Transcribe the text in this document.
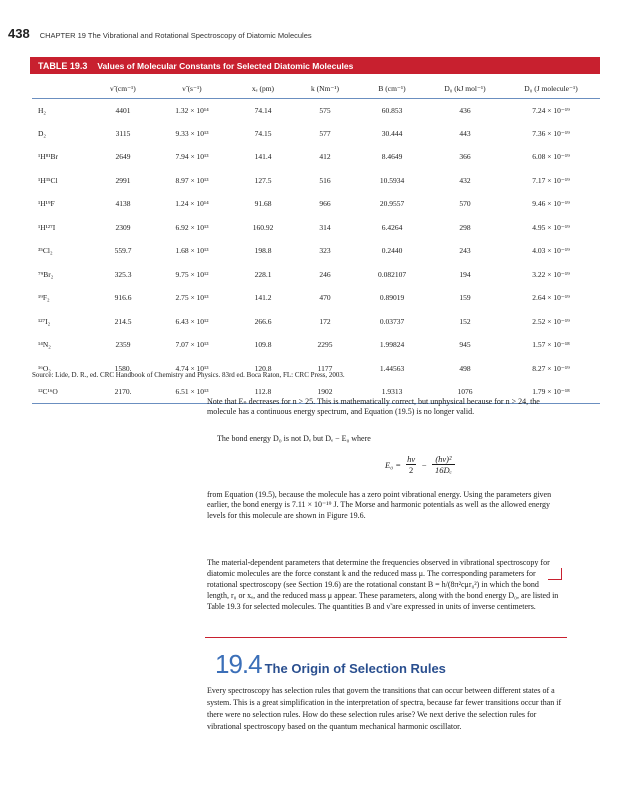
438 CHAPTER 19 The Vibrational and Rotational Spectroscopy of Diatomic Molecules
TABLE 19.3 Values of Molecular Constants for Selected Diatomic Molecules
	ν̃ (cm⁻¹)	ν̃ (s⁻¹)	xₑ (pm)	k (Nm⁻¹)	B (cm⁻¹)	D₀ (kJ mol⁻¹)	D₀ (J molecule⁻¹)
H₂	4401	1.32 × 10¹⁴	74.14	575	60.853	436	7.24 × 10⁻¹⁹
D₂	3115	9.33 × 10¹³	74.15	577	30.444	443	7.36 × 10⁻¹⁹
¹H⁸¹Br	2649	7.94 × 10¹³	141.4	412	8.4649	366	6.08 × 10⁻¹⁹
¹H³⁵Cl	2991	8.97 × 10¹³	127.5	516	10.5934	432	7.17 × 10⁻¹⁹
¹H¹⁹F	4138	1.24 × 10¹⁴	91.68	966	20.9557	570	9.46 × 10⁻¹⁹
¹H¹²⁷I	2309	6.92 × 10¹³	160.92	314	6.4264	298	4.95 × 10⁻¹⁹
³⁵Cl₂	559.7	1.68 × 10¹³	198.8	323	0.2440	243	4.03 × 10⁻¹⁹
⁷⁹Br₂	325.3	9.75 × 10¹²	228.1	246	0.082107	194	3.22 × 10⁻¹⁹
¹⁹F₂	916.6	2.75 × 10¹³	141.2	470	0.89019	159	2.64 × 10⁻¹⁹
¹²⁷I₂	214.5	6.43 × 10¹²	266.6	172	0.03737	152	2.52 × 10⁻¹⁹
¹⁴N₂	2359	7.07 × 10¹³	109.8	2295	1.99824	945	1.57 × 10⁻¹⁸
¹⁶O₂	1580.	4.74 × 10¹³	120.8	1177	1.44563	498	8.27 × 10⁻¹⁹
¹²C¹⁶O	2170.	6.51 × 10¹³	112.8	1902	1.9313	1076	1.79 × 10⁻¹⁸
Source: Lide, D. R., ed. CRC Handbook of Chemistry and Physics. 83rd ed. Boca Raton, FL: CRC Press, 2003.

Note that Eₙ decreases for n > 25. This is mathematically correct, but unphysical because for n > 24, the molecule has a continuous energy spectrum, and Equation (19.5) is no longer valid.

The bond energy D₀ is not Dₑ but Dₑ − E₀ where

$E_0 = \frac{h\nu}{2} - \frac{\text{(hν)²}}{\text{16Dₑ}}$

from Equation (19.5), because the molecule has a zero point vibrational energy. Using the parameters given earlier, the bond energy is 7.11 × 10⁻¹⁹ J. The Morse and harmonic potentials as well as the allowed energy levels for this molecule are shown in Figure 19.6.

The material-dependent parameters that determine the frequencies observed in vibrational spectroscopy for diatomic molecules are the force constant k and the reduced mass μ. The corresponding parameters for rotational spectroscopy (see Section 19.6) are the rotational constant B = h/(8π²cμr₀²) in which the bond length, r₀ or xₑ, and the reduced mass μ appear. These parameters, along with the bond energy D₀, are listed in Table 19.3 for selected molecules. The quantities B and ν̃ are expressed in units of inverse centimeters.

19.4 The Origin of Selection Rules

Every spectroscopy has selection rules that govern the transitions that can occur between different states of a system. This is a great simplification in the interpretation of spectra, because far fewer transitions occur than if there were no selection rules. How do these selection rules arise? We next derive the selection rules for vibrational spectroscopy based on the quantum mechanical harmonic oscillator.
